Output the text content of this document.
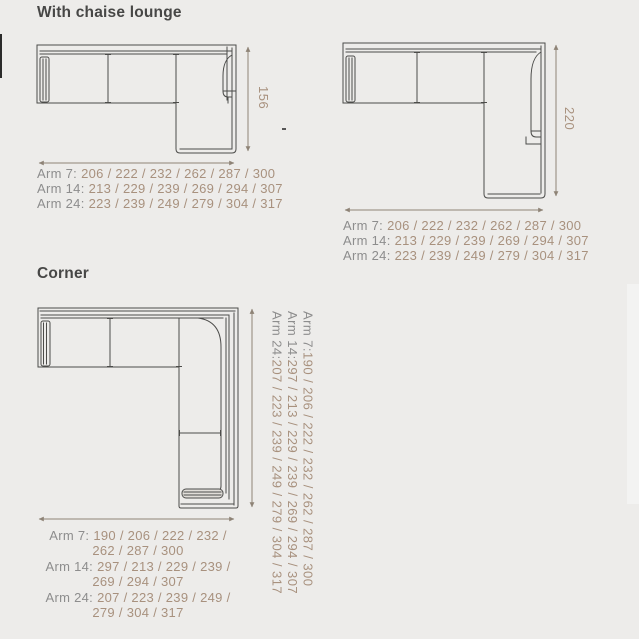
With chaise lounge
156
Arm 7: 206 / 222 / 232 / 262 / 287 / 300
Arm 14: 213 / 229 / 239 / 269 / 294 / 307
Arm 24: 223 / 239 / 249 / 279 / 304 / 317
220
Arm 7: 206 / 222 / 232 / 262 / 287 / 300
Arm 14: 213 / 229 / 239 / 269 / 294 / 307
Arm 24: 223 / 239 / 249 / 279 / 304 / 317
Corner
Arm 7:190 / 206 / 222 / 232 / 262 / 287 / 300
Arm 14:297 / 213 / 229 / 239 / 269 / 294 / 307
Arm 24:207 / 223 / 239 / 249 / 279 / 304 / 317
Arm 7: 190 / 206 / 222 / 232 /
262 / 287 / 300
Arm 14: 297 / 213 / 229 / 239 /
269 / 294 / 307
Arm 24: 207 / 223 / 239 / 249 /
279 / 304 / 317
